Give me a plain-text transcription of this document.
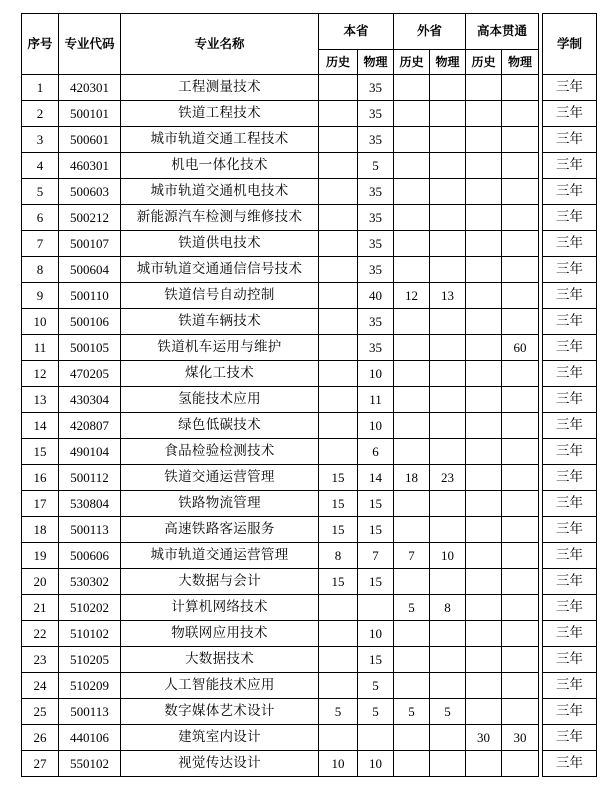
序号	专业代码	专业名称	本省		外省		高本贯通			学制
			历史	物理	历史	物理	历史	物理		
1	420301	工程测量技术		35						三年
2	500101	铁道工程技术		35						三年
3	500601	城市轨道交通工程技术		35						三年
4	460301	机电一体化技术		5						三年
5	500603	城市轨道交通机电技术		35						三年
6	500212	新能源汽车检测与维修技术		35						三年
7	500107	铁道供电技术		35						三年
8	500604	城市轨道交通通信信号技术		35						三年
9	500110	铁道信号自动控制		40	12	13				三年
10	500106	铁道车辆技术		35						三年
11	500105	铁道机车运用与维护		35				60		三年
12	470205	煤化工技术		10						三年
13	430304	氢能技术应用		11						三年
14	420807	绿色低碳技术		10						三年
15	490104	食品检验检测技术		6						三年
16	500112	铁道交通运营管理	15	14	18	23				三年
17	530804	铁路物流管理	15	15						三年
18	500113	高速铁路客运服务	15	15						三年
19	500606	城市轨道交通运营管理	8	7	7	10				三年
20	530302	大数据与会计	15	15						三年
21	510202	计算机网络技术			5	8				三年
22	510102	物联网应用技术		10						三年
23	510205	大数据技术		15						三年
24	510209	人工智能技术应用		5						三年
25	500113	数字媒体艺术设计	5	5	5	5				三年
26	440106	建筑室内设计					30	30		三年
27	550102	视觉传达设计	10	10						三年
